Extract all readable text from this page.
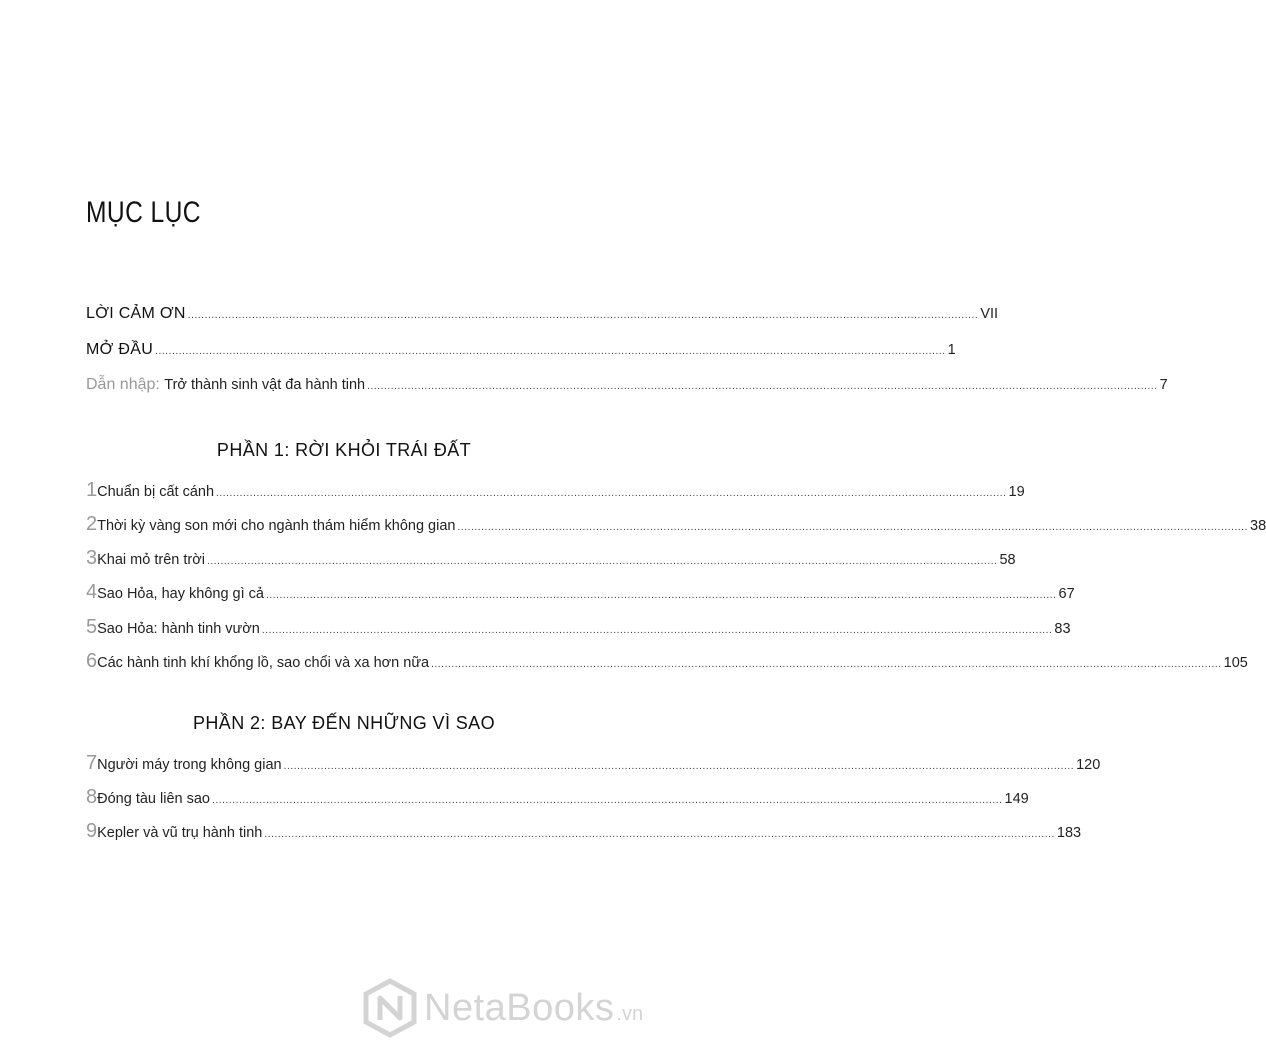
MỤC LỤC
LỜI CẢM ƠN .......................................................................................................................................................................................................................................... VII
MỞ ĐẦU .......................................................................................................................................................................................................................................... 1
Dẫn nhập: Trở thành sinh vật đa hành tinh .......................................................................................................................................................................................................................................... 7
PHẦN 1: RỜI KHỎI TRÁI ĐẤT
1 Chuẩn bị cất cánh .......................................................................................................................................................................................................................................... 19
2 Thời kỳ vàng son mới cho ngành thám hiểm không gian .......................................................................................................................................................................................................................................... 38
3 Khai mỏ trên trời .......................................................................................................................................................................................................................................... 58
4 Sao Hỏa, hay không gì cả .......................................................................................................................................................................................................................................... 67
5 Sao Hỏa: hành tinh vườn .......................................................................................................................................................................................................................................... 83
6 Các hành tinh khí khổng lồ, sao chổi và xa hơn nữa .......................................................................................................................................................................................................................................... 105
PHẦN 2: BAY ĐẾN NHỮNG VÌ SAO
7 Người máy trong không gian .......................................................................................................................................................................................................................................... 120
8 Đóng tàu liên sao .......................................................................................................................................................................................................................................... 149
9 Kepler và vũ trụ hành tinh .......................................................................................................................................................................................................................................... 183
NetaBooks .vn
